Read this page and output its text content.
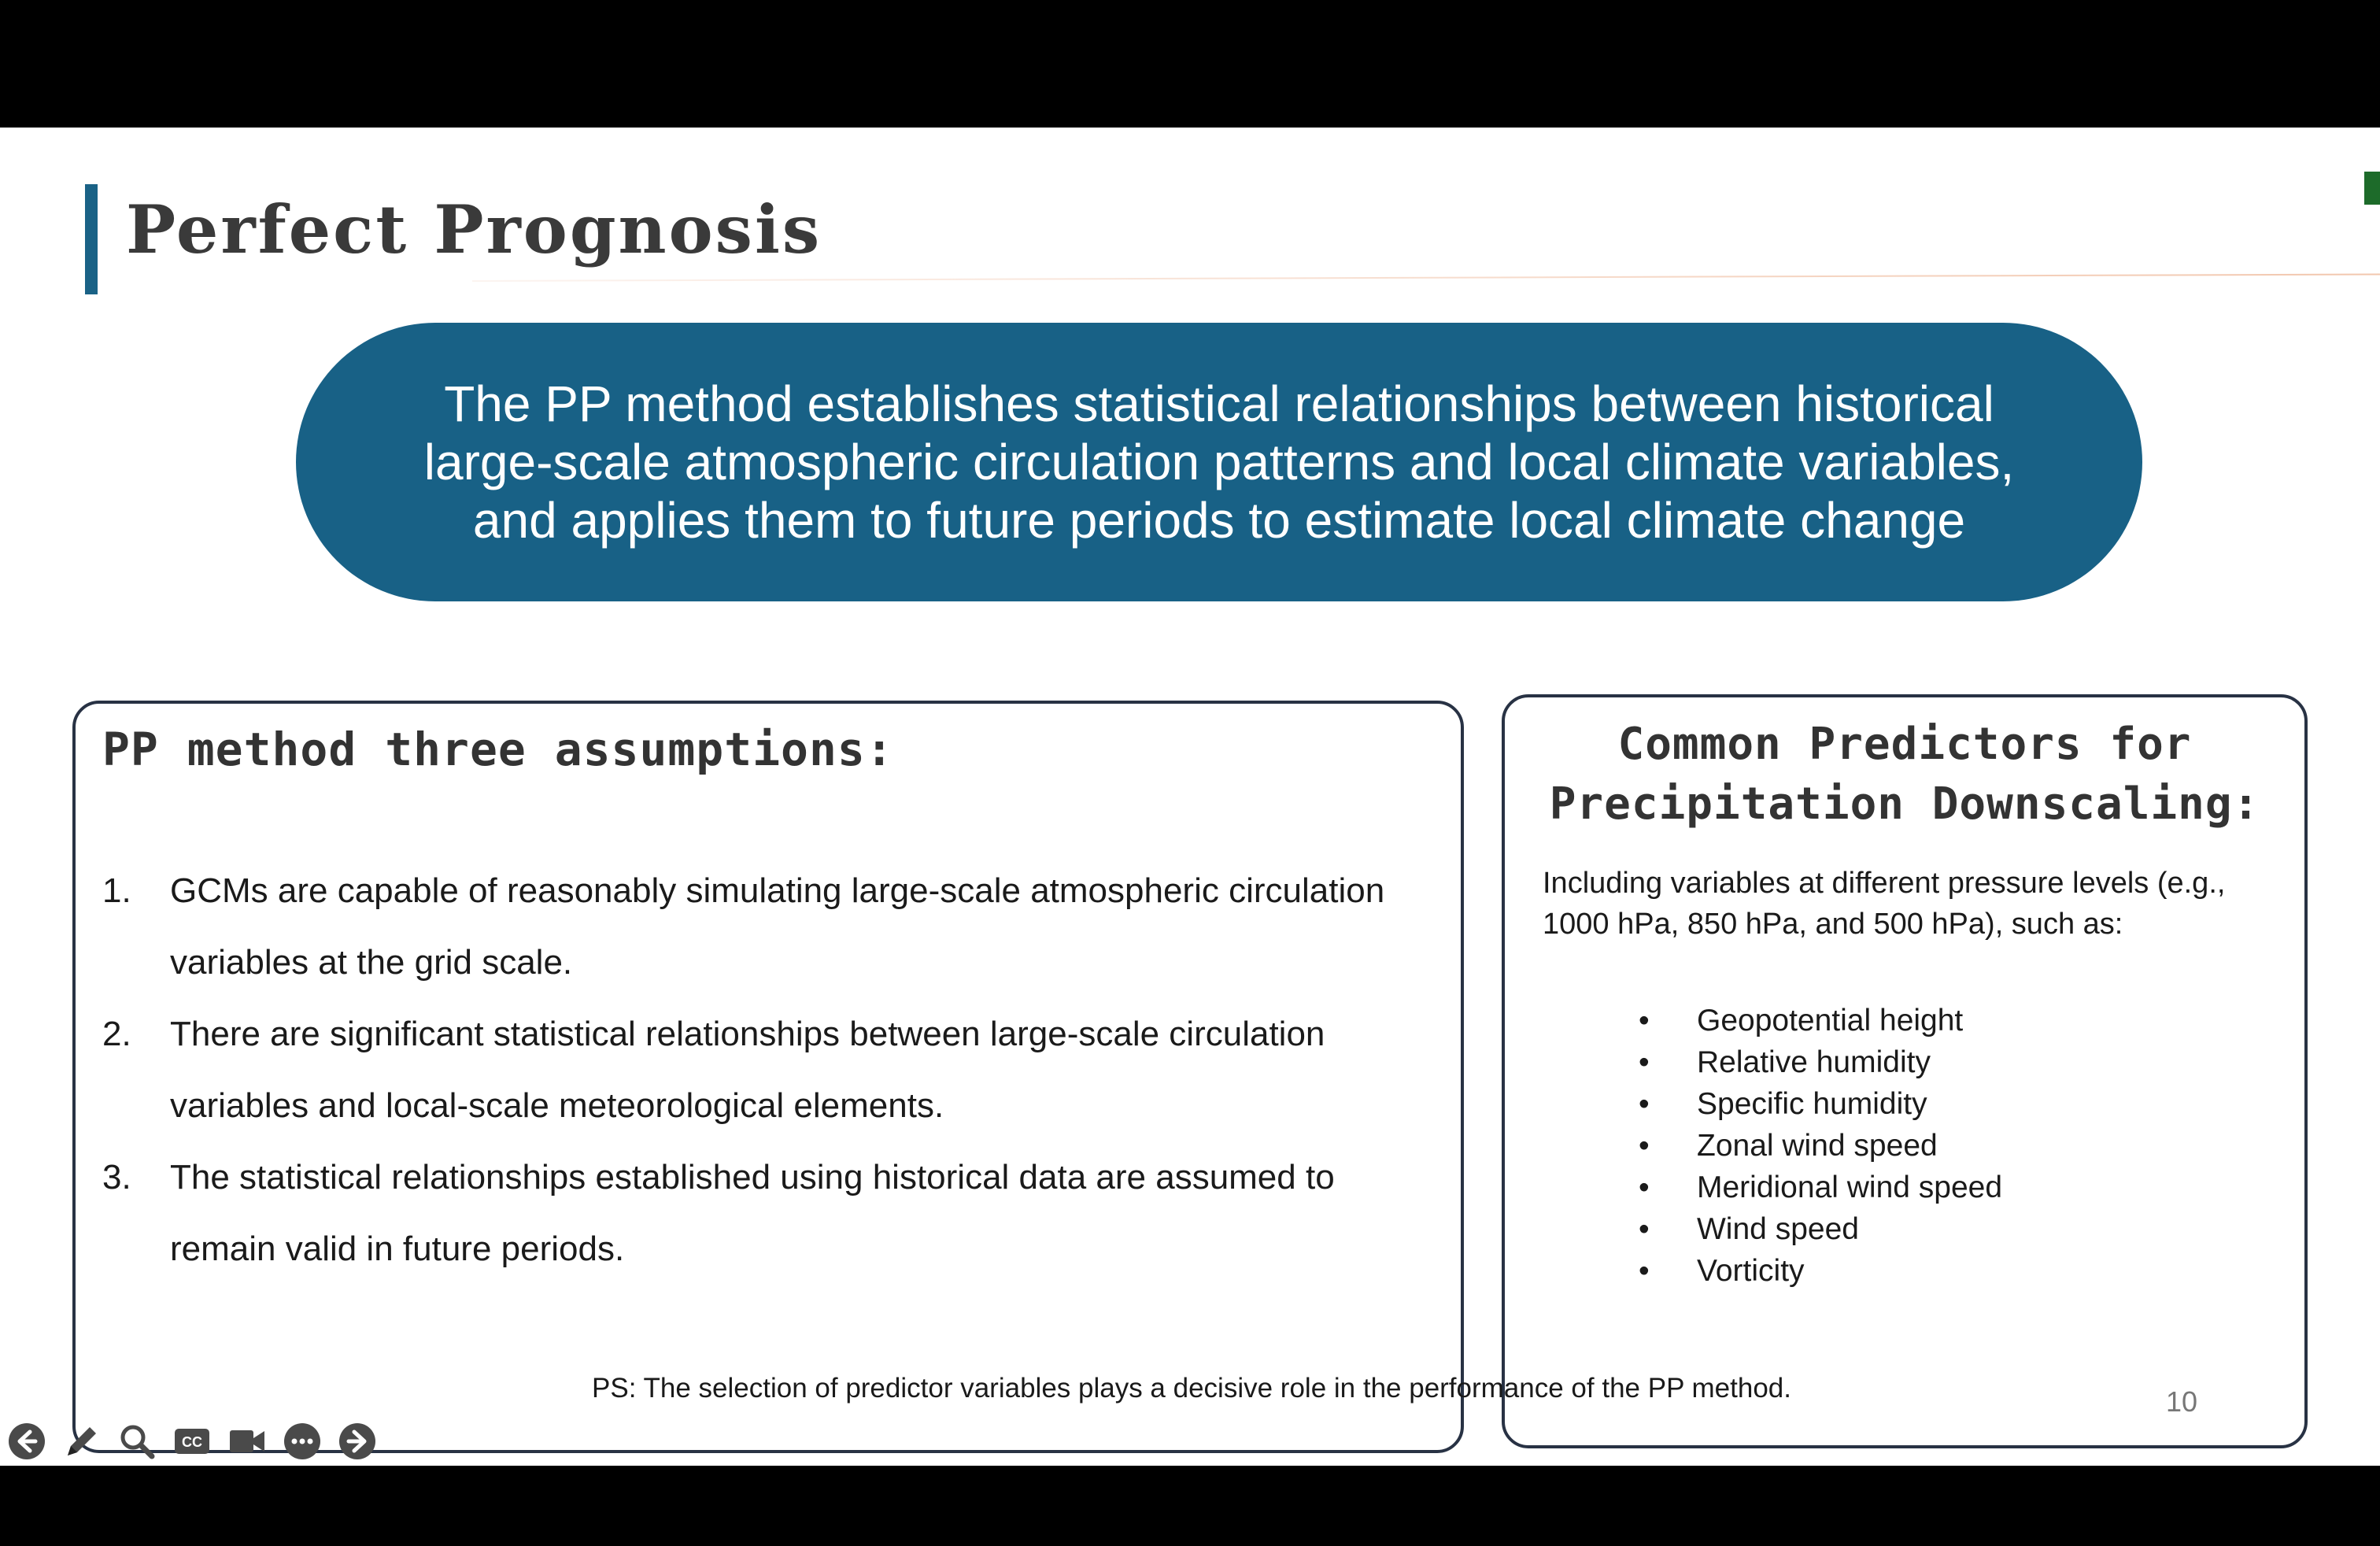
Perfect Prognosis

The PP method establishes statistical relationships between historical
large-scale atmospheric circulation patterns and local climate variables,
and applies them to future periods to estimate local climate change

PP method three assumptions:
1. GCMs are capable of reasonably simulating large-scale atmospheric circulation
variables at the grid scale.
2. There are significant statistical relationships between large-scale circulation
variables and local-scale meteorological elements.
3. The statistical relationships established using historical data are assumed to
remain valid in future periods.
Common Predictors for
Precipitation Downscaling:

Including variables at different pressure levels (e.g.,
1000 hPa, 850 hPa, and 500 hPa), such as:

• Geopotential height
• Relative humidity
• Specific humidity
• Zonal wind speed
• Meridional wind speed
• Wind speed
• Vorticity

PS: The selection of predictor variables plays a decisive role in the performance of the PP method.	10

CC
